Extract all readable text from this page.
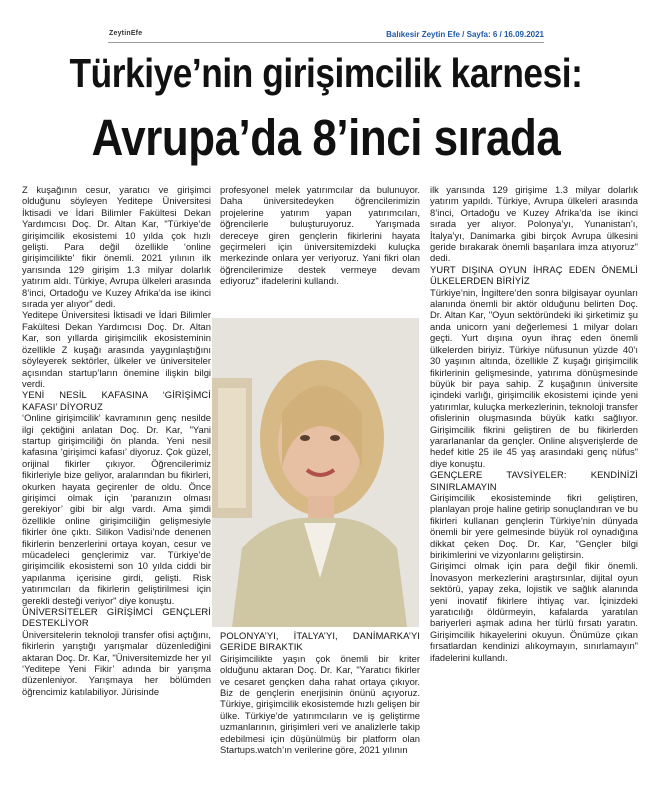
ZeytinEfe	Balıkesir Zeytin Efe / Sayfa: 6 / 16.09.2021
Türkiye’nin girişimcilik karnesi:
Avrupa’da 8’inci sırada

Z kuşağının cesur, yaratıcı ve girişimci olduğunu söyleyen Yeditepe Üniversitesi İktisadi ve İdari Bilimler Fakültesi Dekan Yardımcısı Doç. Dr. Altan Kar, "Türkiye’de girişimcilik ekosistemi 10 yılda çok hızlı gelişti. Para değil özellikle ‘online girişimcilikte’ fikir önemli. 2021 yılının ilk yarısında 129 girişim 1.3 milyar dolarlık yatırım aldı. Türkiye, Avrupa ülkeleri arasında 8’inci, Ortadoğu ve Kuzey Afrika’da ise ikinci sırada yer alıyor" dedi.

Yeditepe Üniversitesi İktisadi ve İdari Bilimler Fakültesi Dekan Yardımcısı Doç. Dr. Altan Kar, son yıllarda girişimcilik ekosisteminin özellikle Z kuşağı arasında yaygınlaştığını söyleyerek sektörler, ülkeler ve üniversiteler açısından startup’ların önemine ilişkin bilgi verdi.

YENİ NESİL KAFASINA ‘GİRİŞİMCİ KAFASI’ DİYORUZ

‘Online girişimcilik’ kavramının genç nesilde ilgi çektiğini anlatan Doç. Dr. Kar, "Yani startup girişimciliği ön planda. Yeni nesil kafasına ‘girişimci kafası’ diyoruz. Çok güzel, orijinal fikirler çıkıyor. Öğrencilerimiz fikirleriyle bize geliyor, aralarından bu fikirleri, okurken hayata geçirenler de oldu. Önce girişimci olmak için ‘paranızın olması gerekiyor’ gibi bir algı vardı. Ama şimdi özellikle online girişimciliğin gelişmesiyle fikirler öne çıktı. Silikon Vadisi’nde denenen fikirlerin benzerlerini ortaya koyan, cesur ve mücadeleci gençlerimiz var. Türkiye’de girişimcilik ekosistemi son 10 yılda ciddi bir yapılanma içerisine girdi, gelişti. Risk yatırımcıları da fikirlerin geliştirilmesi için gerekli desteği veriyor" diye konuştu.

ÜNİVERSİTELER GİRİŞİMCİ GENÇLERİ DESTEKLİYOR

Üniversitelerin teknoloji transfer ofisi açtığını, fikirlerin yarıştığı yarışmalar düzenlediğini aktaran Doç. Dr. Kar, "Üniversitemizde her yıl ‘Yeditepe Yeni Fikir’ adında bir yarışma düzenleniyor. Yarışmaya her bölümden öğrencimiz katılabiliyor. Jürisinde

profesyonel melek yatırımcılar da bulunuyor. Daha üniversitedeyken öğrencilerimizin projelerine yatırım yapan yatırımcıları, öğrencilerle buluşturuyoruz. Yarışmada dereceye giren gençlerin fikirlerini hayata geçirmeleri için üniversitemizdeki kuluçka merkezinde onlara yer veriyoruz. Yani fikri olan öğrencilerimize destek vermeye devam ediyoruz" ifadelerini kullandı.

POLONYA’YI, İTALYA’YI, DANİMARKA’YI GERİDE BIRAKTIK

Girişimcilikte yaşın çok önemli bir kriter olduğunu aktaran Doç. Dr. Kar, "Yaratıcı fikirler ve cesaret gençken daha rahat ortaya çıkıyor. Biz de gençlerin enerjisinin önünü açıyoruz. Türkiye, girişimcilik ekosistemde hızlı gelişen bir ülke. Türkiye’de yatırımcıların ve iş geliştirme uzmanlarının, girişimleri veri ve analizlerle takip edebilmesi için düşünülmüş bir platform olan Startups.watch’ın verilerine göre, 2021 yılının

ilk yarısında 129 girişime 1.3 milyar dolarlık yatırım yapıldı. Türkiye, Avrupa ülkeleri arasında 8’inci, Ortadoğu ve Kuzey Afrika’da ise ikinci sırada yer alıyor. Polonya’yı, Yunanistan’ı, İtalya’yı, Danimarka gibi birçok Avrupa ülkesini geride bırakarak önemli başarılara imza atıyoruz" dedi.

YURT DIŞINA OYUN İHRAÇ EDEN ÖNEMLİ ÜLKELERDEN BİRİYİZ

Türkiye’nin, İngiltere’den sonra bilgisayar oyunları alanında önemli bir aktör olduğunu belirten Doç. Dr. Altan Kar, "Oyun sektöründeki iki şirketimiz şu anda unicorn yani değerlemesi 1 milyar doları geçti. Yurt dışına oyun ihraç eden önemli ülkelerden biriyiz. Türkiye nüfusunun yüzde 40’ı 30 yaşının altında, özellikle Z kuşağı girişimcilik fikirlerinin gelişmesinde, yatırıma dönüşmesinde büyük bir paya sahip. Z kuşağının üniversite içindeki varlığı, girişimcilik ekosistemi içinde yeni yatırımlar, kuluçka merkezlerinin, teknoloji transfer ofislerinin oluşmasında büyük katkı sağlıyor. Girişimcilik fikrini geliştiren de bu fikirlerden yararlananlar da gençler. Online alışverişlerde de hedef kitle 25 ile 45 yaş arasındaki genç nüfus" diye konuştu.

GENÇLERE TAVSİYELER: KENDİNİZİ SINIRLAMAYIN

Girişimcilik ekosisteminde fikri geliştiren, planlayan proje haline getirip sonuçlandıran ve bu fikirleri kullanan gençlerin Türkiye’nin dünyada önemli bir yere gelmesinde büyük rol oynadığına dikkat çeken Doç. Dr. Kar, "Gençler bilgi birikimlerini ve vizyonlarını geliştirsin.

Girişimci olmak için para değil fikir önemli. İnovasyon merkezlerini araştırsınlar, dijital oyun sektörü, yapay zeka, lojistik ve sağlık alanında yeni inovatif fikirlere ihtiyaç var. İçinizdeki yaratıcılığı öldürmeyin, kafalarda yaratılan bariyerleri aşmak adına her türlü fırsatı yaratın. Girişimcilik hikayelerini okuyun. Önümüze çıkan fırsatlardan kendinizi alıkoymayın, sınırlamayın" ifadelerini kullandı.
